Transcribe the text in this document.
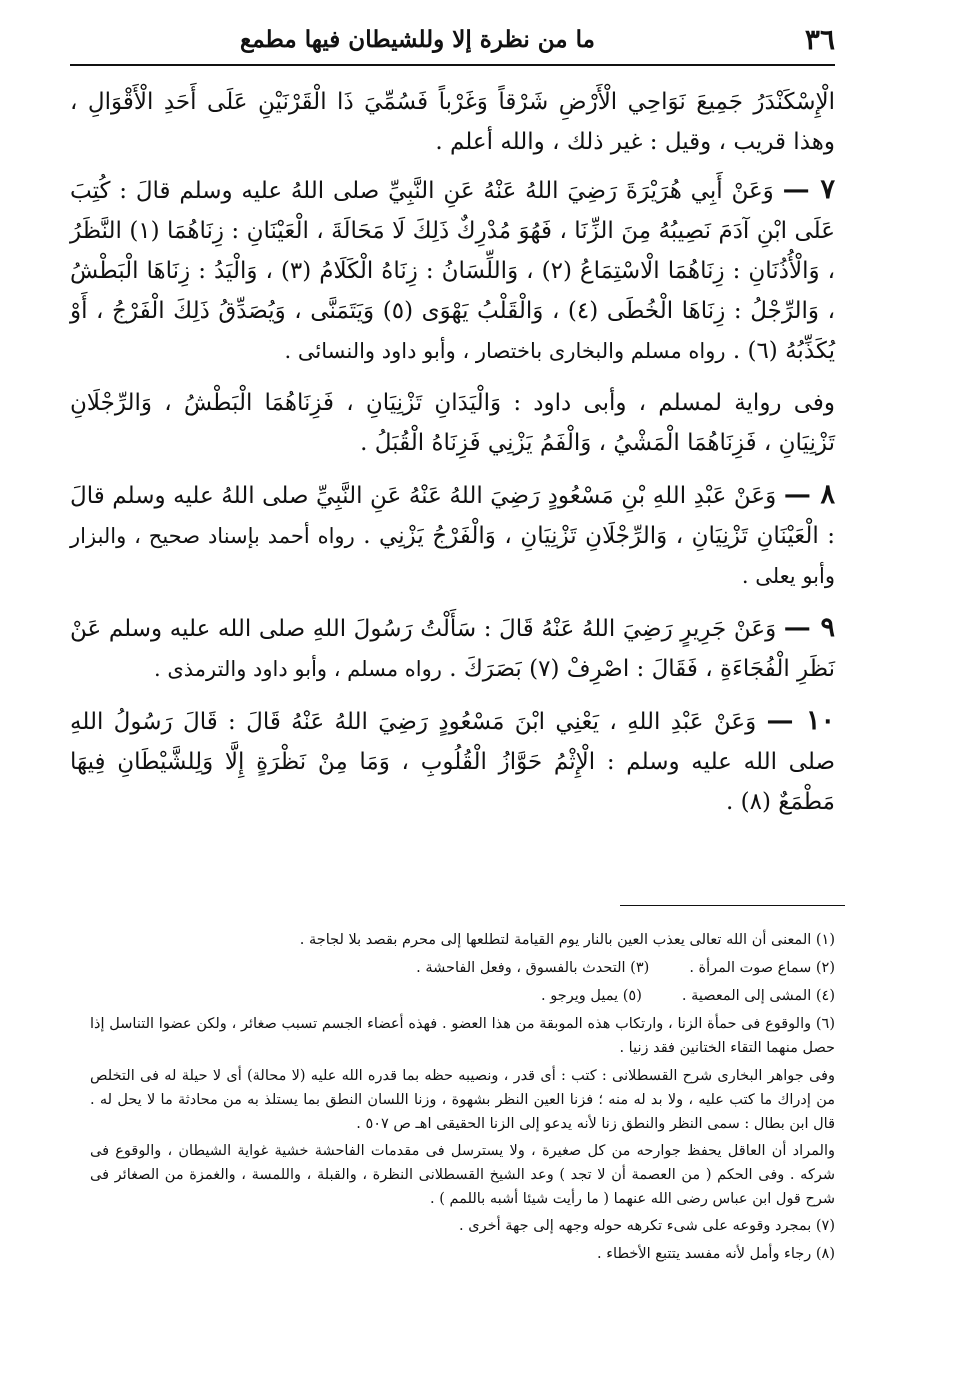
٣٦
ما من نظرة إلا وللشيطان فيها مطمع

الْإِسْكَنْدَرُ جَمِيعَ نَوَاحِي الْأَرْضِ شَرْقاً وَغَرْباً فَسُمِّيَ ذَا الْقَرْنَيْنِ عَلَى أَحَدِ الْأَقْوَالِ ، وهذا قريب ، وقيل : غير ذلك ، والله أعلم .

٧ — وَعَنْ أَبِي هُرَيْرَةَ رَضِيَ اللهُ عَنْهُ عَنِ النَّبِيِّ صلى اللهُ عليه وسلم قالَ : كُتِبَ عَلَى ابْنِ آدَمَ نَصِيبُهُ مِنَ الزِّنَا ، فَهُوَ مُدْرِكٌ ذَلِكَ لَا مَحَالَةَ ، الْعَيْنَانِ : زِنَاهُمَا (١) النَّظَرُ ، وَالْأُذُنَانِ : زِنَاهُمَا الْاسْتِمَاعُ (٢) ، وَاللِّسَانُ : زِنَاهُ الْكَلَامُ (٣) ، وَالْيَدُ : زِنَاهَا الْبَطْشُ ، وَالرِّجْلُ : زِنَاهَا الْخُطَى (٤) ، وَالْقَلْبُ يَهْوَى (٥) وَيَتَمَنَّى ، وَيُصَدِّقُ ذَلِكَ الْفَرْجُ ، أَوْ يُكَذِّبُهُ (٦) . رواه مسلم والبخارى باختصار ، وأبو داود والنسائى .

وفى رواية لمسلم ، وأبى داود : وَالْيَدَانِ تَزْنِيَانِ ، فَزِنَاهُمَا الْبَطْشُ ، وَالرِّجْلَانِ تَزْنِيَانِ ، فَزِنَاهُمَا الْمَشْيُ ، وَالْفَمُ يَزْنِي فَزِنَاهُ الْقُبَلُ .

٨ — وَعَنْ عَبْدِ اللهِ بْنِ مَسْعُودٍ رَضِيَ اللهُ عَنْهُ عَنِ النَّبِيِّ صلى اللهُ عليه وسلم قالَ : الْعَيْنَانِ تَزْنِيَانِ ، وَالرِّجْلَانِ تَزْنِيَانِ ، وَالْفَرْجُ يَزْنِي . رواه أحمد بإسناد صحيح ، والبزار وأبو يعلى .

٩ — وَعَنْ جَرِيرٍ رَضِيَ اللهُ عَنْهُ قَالَ : سَأَلْتُ رَسُولَ اللهِ صلى الله عليه وسلم عَنْ نَظَرِ الْفُجَاءَةِ ، فَقَالَ : اصْرِفْ (٧) بَصَرَكَ . رواه مسلم ، وأبو داود والترمذى .

١٠ — وَعَنْ عَبْدِ اللهِ ، يَعْنِي ابْنَ مَسْعُودٍ رَضِيَ اللهُ عَنْهُ قَالَ : قَالَ رَسُولُ اللهِ صلى الله عليه وسلم : الْإِثْمُ حَوَّازُ الْقُلُوبِ ، وَمَا مِنْ نَظْرَةٍ إِلَّا وَلِلشَّيْطَانِ فِيهَا مَطْمَعٌ (٨) .

(١) المعنى أن الله تعالى يعذب العين بالنار يوم القيامة لتطلعها إلى محرم بقصد بلا لجاجة .

(٢) سماع صوت المرأة .

(٣) التحدث بالفسوق ، وفعل الفاحشة .

(٤) المشى إلى المعصية .

(٥) يميل ويرجو .

(٦) والوقوع فى حمأة الزنا ، وارتكاب هذه الموبقة من هذا العضو . فهذه أعضاء الجسم تسبب صغائر ، ولكن عضوا التناسل إذا حصل منهما التقاء الختانين فقد زنيا .

وفى جواهر البخارى شرح القسطلانى : كتب : أى قدر ، ونصيبه حظه بما قدره الله عليه (لا محالة) أى لا حيلة له فى التخلص من إدراك ما كتب عليه ، ولا بد له منه ؛ فزنا العين النظر بشهوة ، وزنا اللسان النطق بما يستلذ به من محادثة ما لا يحل له . قال ابن بطال : سمى النظر والنطق زنا لأنه يدعو إلى الزنا الحقيقى اهـ ص ٥٠٧ .

والمراد أن العاقل يحفظ جوارحه من كل صغيرة ، ولا يسترسل فى مقدمات الفاحشة خشية غواية الشيطان ، والوقوع فى شركه . وفى الحكم ( من العصمة أن لا تجد ) وعد الشيخ القسطلانى النظرة ، والقبلة ، واللمسة ، والغمزة من الصغائر فى شرح قول ابن عباس رضى الله عنهما ( ما رأيت شيئا أشبه باللمم ) .

(٧) بمجرد وقوعه على شىء تكرهه حوله وجهه إلى جهة أخرى .

(٨) رجاء وأمل لأنه مفسد يتتبع الأخطاء .
